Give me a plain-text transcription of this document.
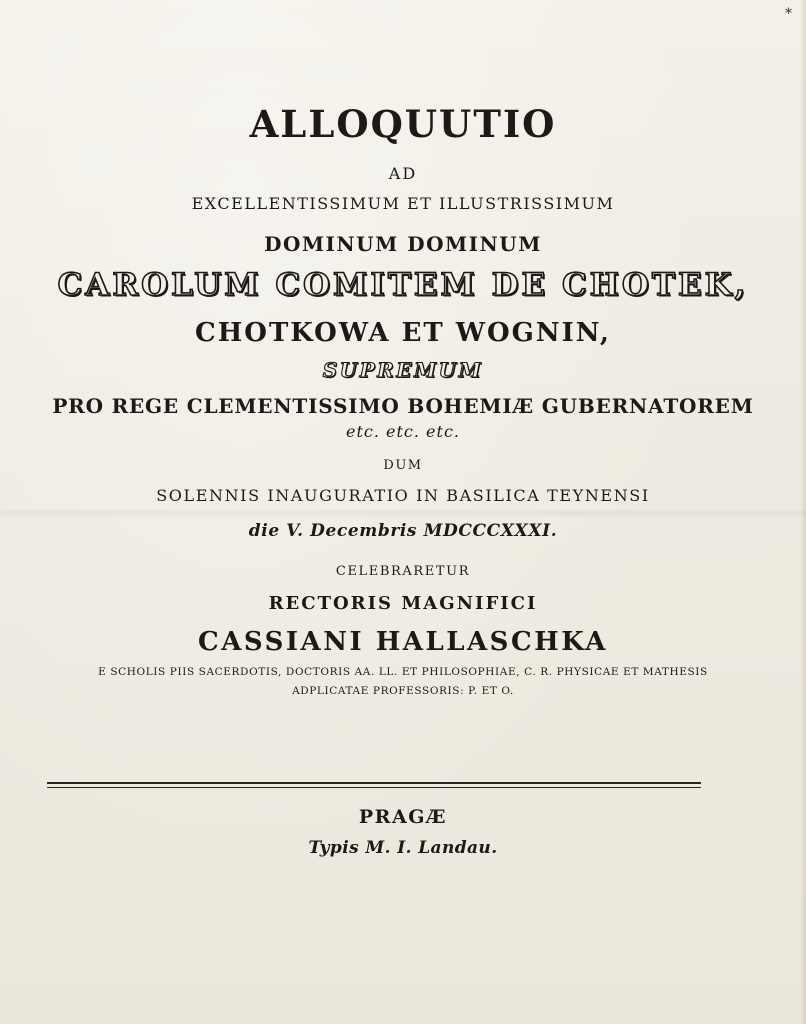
*
ALLOQUUTIO
AD
EXCELLENTISSIMUM ET ILLUSTRISSIMUM
DOMINUM DOMINUM
CAROLUM COMITEM DE CHOTEK,
CHOTKOWA ET WOGNIN,
SUPREMUM
PRO REGE CLEMENTISSIMO BOHEMIÆ GUBERNATOREM
etc. etc. etc.
DUM
SOLENNIS INAUGURATIO IN BASILICA TEYNENSI
die V. Decembris MDCCCXXXI.
CELEBRARETUR
RECTORIS MAGNIFICI
CASSIANI HALLASCHKA
E SCHOLIS PIIS SACERDOTIS, DOCTORIS AA. LL. ET PHILOSOPHIAE, C. R. PHYSICAE ET MATHESIS
ADPLICATAE PROFESSORIS: P. ET O.
PRAGÆ
Typis M. I. Landau.
